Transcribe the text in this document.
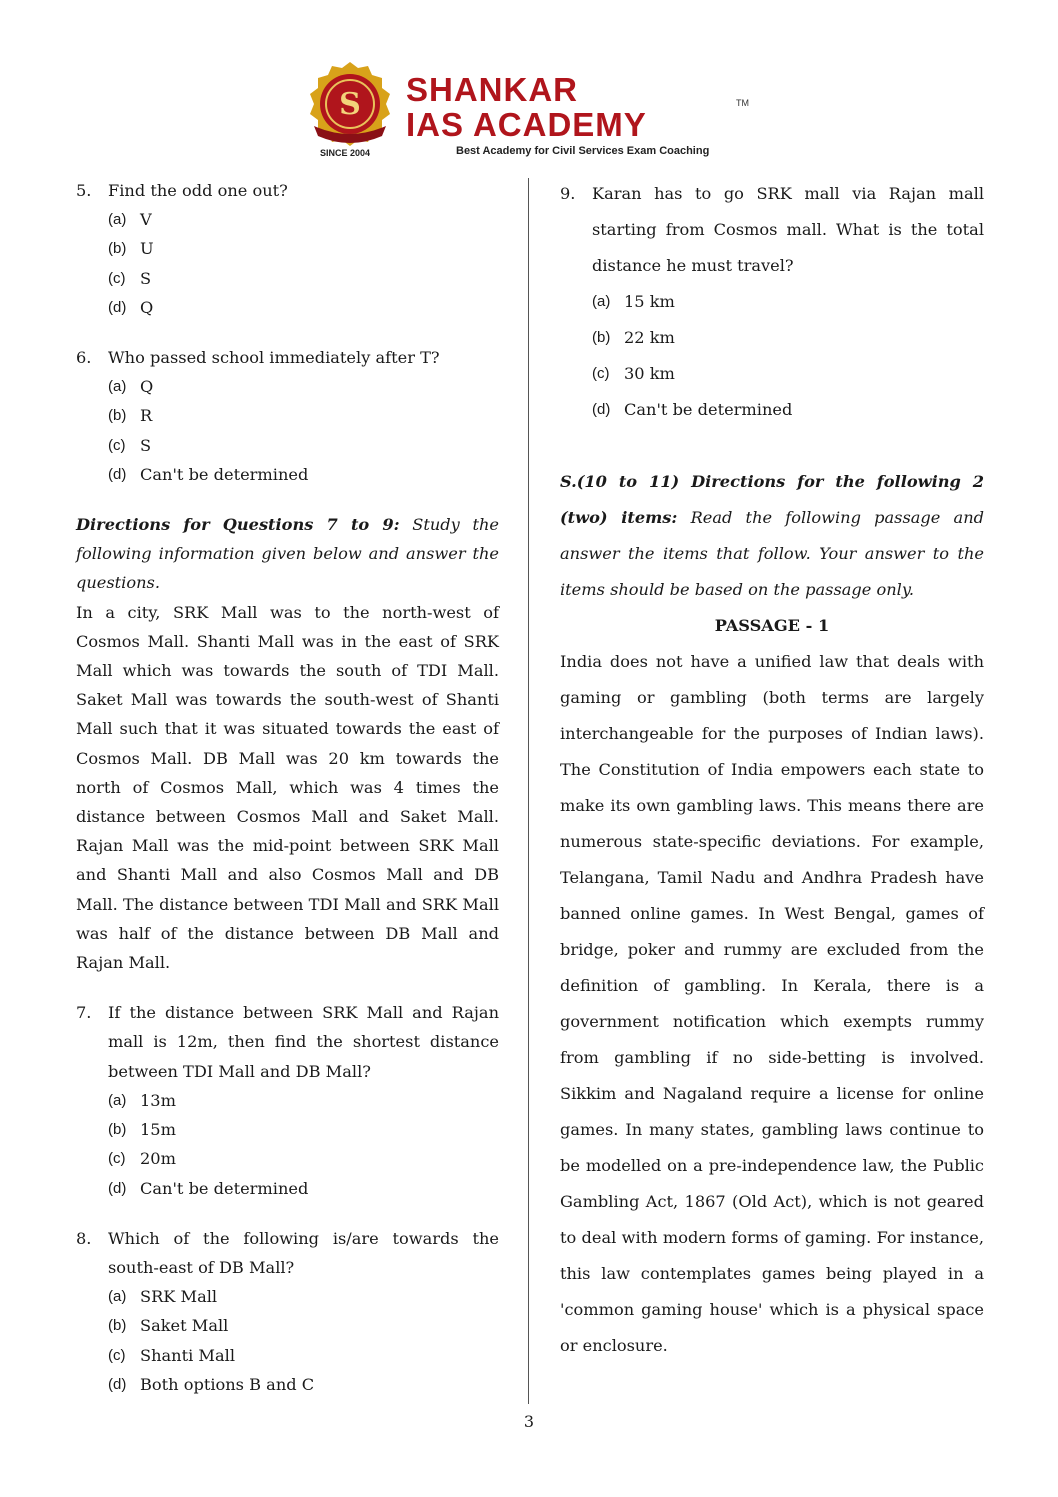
S SHANKAR
IAS ACADEMY
TM
SINCE 2004	Best Academy for Civil Services Exam Coaching
5.	Find the odd one out?
(a) V
(b) U
(c) S
(d) Q
6.	Who passed school immediately after T?
(a) Q
(b) R
(c) S
(d) Can't be determined
Directions for Questions 7 to 9: Study the following information given below and answer the questions.
In a city, SRK Mall was to the north-west of Cosmos Mall. Shanti Mall was in the east of SRK Mall which was towards the south of TDI Mall. Saket Mall was towards the south-west of Shanti Mall such that it was situated towards the east of Cosmos Mall. DB Mall was 20 km towards the north of Cosmos Mall, which was 4 times the distance between Cosmos Mall and Saket Mall. Rajan Mall was the mid-point between SRK Mall and Shanti Mall and also Cosmos Mall and DB Mall. The distance between TDI Mall and SRK Mall was half of the distance between DB Mall and Rajan Mall.
7.	If the distance between SRK Mall and Rajan mall is 12m, then find the shortest distance between TDI Mall and DB Mall?
(a) 13m
(b) 15m
(c) 20m
(d) Can't be determined
8.	Which of the following is/are towards the south-east of DB Mall?
(a) SRK Mall
(b) Saket Mall
(c) Shanti Mall
(d) Both options B and C
9.	Karan has to go SRK mall via Rajan mall starting from Cosmos mall. What is the total distance he must travel?
(a) 15 km
(b) 22 km
(c) 30 km
(d) Can't be determined
S.(10 to 11) Directions for the following 2 (two) items: Read the following passage and answer the items that follow. Your answer to the items should be based on the passage only.
PASSAGE - 1
India does not have a unified law that deals with gaming or gambling (both terms are largely interchangeable for the purposes of Indian laws). The Constitution of India empowers each state to make its own gambling laws. This means there are numerous state-specific deviations. For example, Telangana, Tamil Nadu and Andhra Pradesh have banned online games. In West Bengal, games of bridge, poker and rummy are excluded from the definition of gambling. In Kerala, there is a government notification which exempts rummy from gambling if no side-betting is involved. Sikkim and Nagaland require a license for online games. In many states, gambling laws continue to be modelled on a pre-independence law, the Public Gambling Act, 1867 (Old Act), which is not geared to deal with modern forms of gaming. For instance, this law contemplates games being played in a 'common gaming house' which is a physical space or enclosure.
3
